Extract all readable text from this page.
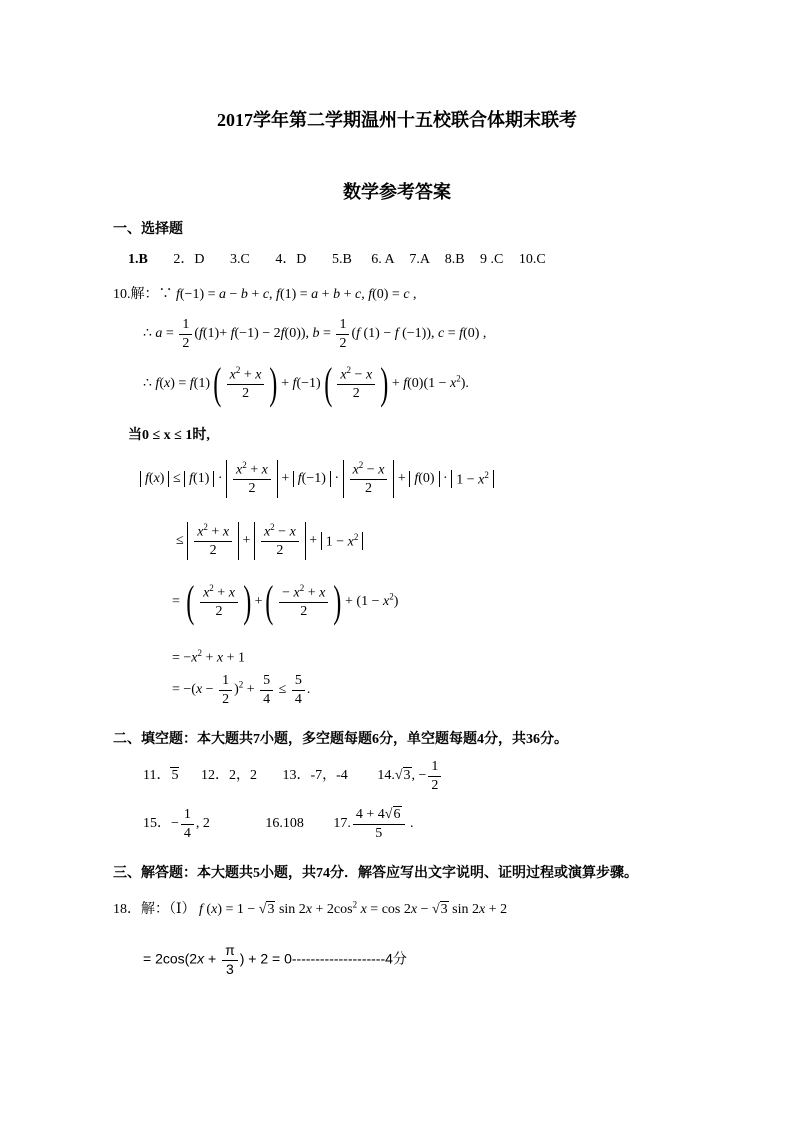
2017学年第二学期温州十五校联合体期末联考
数学参考答案
一、选择题
1.B 2．D 3.C 4．D 5.B 6. A 7.A 8.B 9 .C 10.C
10.解：∵ f(−1) = a − b + c, f(1) = a + b + c, f(0) = c ,
∴ $a = \frac{1}{2} (f(1)+ f(-1) - 2f(0))$, $b = \frac{1}{2} (f$ (1) − f (−1)), c = f(0) ,
∴ $f(x) = f(1)( \frac{x^2 + x}{2}$ ) + $f(-1)( \frac{x^2 - x}{2}$ ) + $f(0)(1 - x^2)$.
当0 ≤ x ≤ 1时,
$f(x) \le f(1) \cdot \frac{x^2 + x}{2} + f(-1) \cdot \frac{x^2 - x}{2} + f(0) \cdot 1 - x^2$
≤ $\frac{x^2 + x}{2} + \frac{x^2 - x}{2} + 1 - x^2$
= ( $\frac{x^2 + x}{2}$ ) +( $\frac{- x^2 + x}{2}$ ) + $(1 - x^2)$
= $-x^2 + x + 1$
= $-(x - \frac{1}{2} )^2 + \frac{5}{4} \le \frac{5}{4}$ .
二、填空题：本大题共7小题，多空题每题6分，单空题每题4分，共36分。
11．5 12．2，2 13．-7，-4 14.√3, − $\frac{1}{2}$
15．− $\frac{1}{4}$ , 2	16.108 17. $\frac{4 + 4√6}{5}$ .
三、解答题：本大题共5小题，共74分．解答应写出文字说明、证明过程或演算步骤。
18．解：（Ⅰ） f (x) = 1 − √3 $\sin 2x + 2\cos^2$ x = cos 2x − √3 sin 2x + 2
= $2\cos(2x + \frac{\pi}{3}$ ) + 2 = 0--------------------4分
